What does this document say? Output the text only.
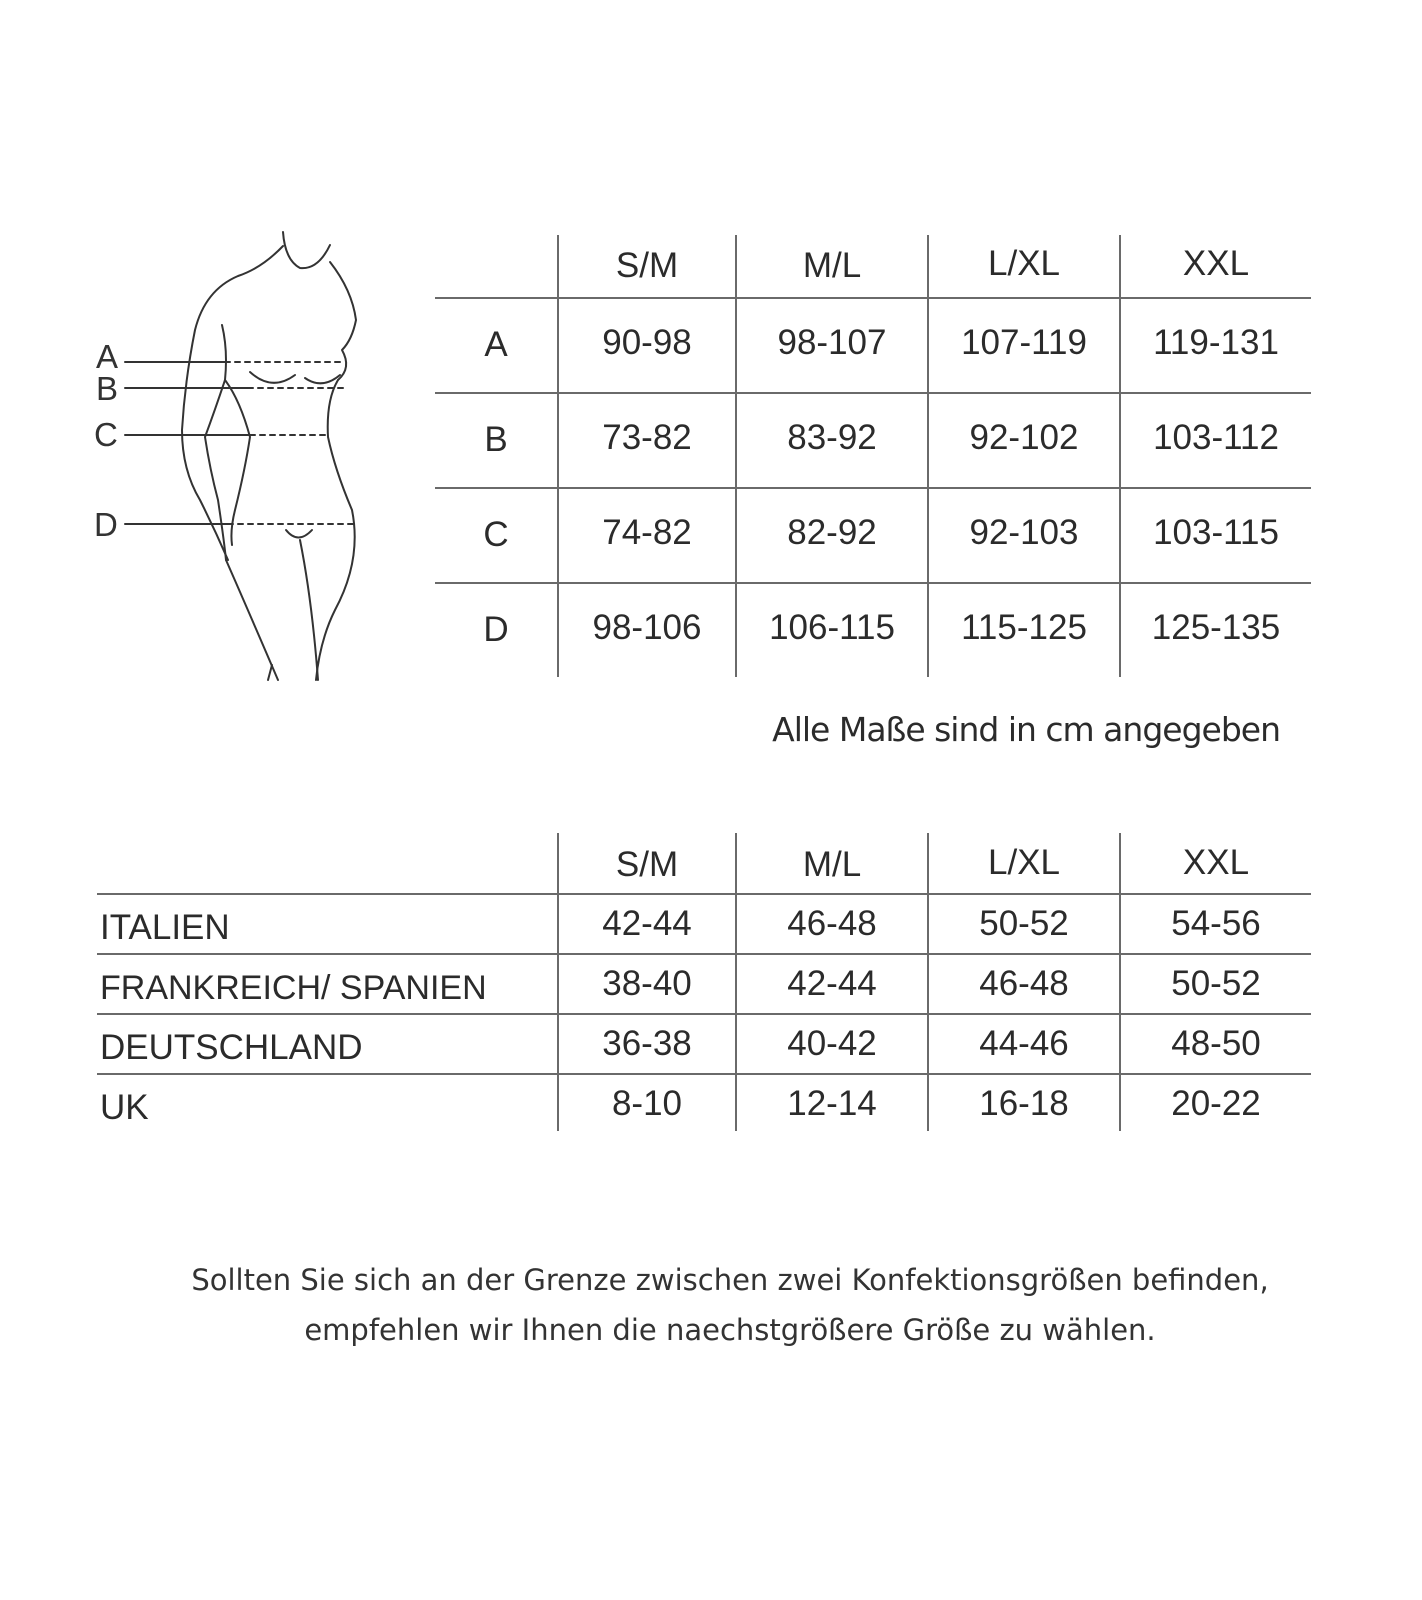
A
B
C
D
S/M	M/L	L/XL	XXL
A	90-98	98-107	107-119	119-131
B	73-82	83-92	92-102	103-112
C	74-82	82-92	92-103	103-115
D	98-106	106-115	115-125	125-135
Alle Maße sind in cm angegeben
S/M	M/L	L/XL	XXL
ITALIEN	42-44	46-48	50-52	54-56
FRANKREICH/ SPANIEN	38-40	42-44	46-48	50-52
DEUTSCHLAND	36-38	40-42	44-46	48-50
UK	8-10	12-14	16-18	20-22
Sollten Sie sich an der Grenze zwischen zwei Konfektionsgrößen befinden,
empfehlen wir Ihnen die naechstgrößere Größe zu wählen.
